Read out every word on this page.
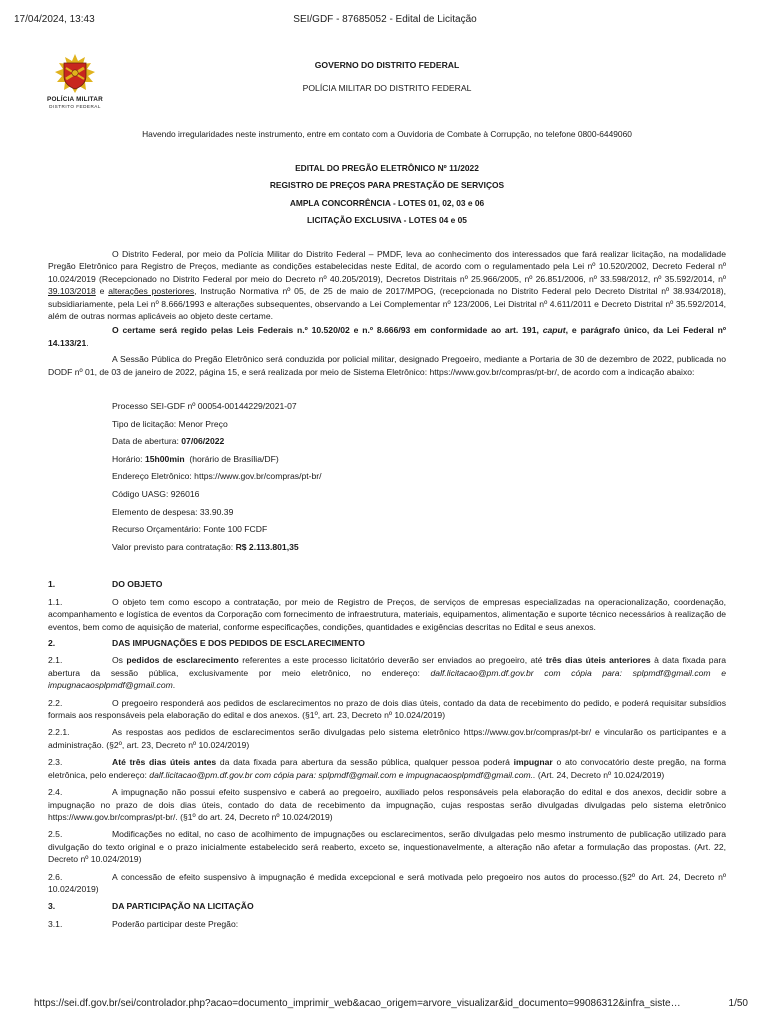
17/04/2024, 13:43	SEI/GDF - 87685052 - Edital de Licitação
POLÍCIA MILITAR
DISTRITO FEDERAL
GOVERNO DO DISTRITO FEDERAL
POLÍCIA MILITAR DO DISTRITO FEDERAL
Havendo irregularidades neste instrumento, entre em contato com a Ouvidoria de Combate à Corrupção, no telefone 0800-6449060
EDITAL DO PREGÃO ELETRÔNICO Nº 11/2022
REGISTRO DE PREÇOS PARA PRESTAÇÃO DE SERVIÇOS
AMPLA CONCORRÊNCIA - LOTES 01, 02, 03 e 06
LICITAÇÃO EXCLUSIVA - LOTES 04 e 05

O Distrito Federal, por meio da Polícia Militar do Distrito Federal – PMDF, leva ao conhecimento dos interessados que fará realizar licitação, na modalidade Pregão Eletrônico para Registro de Preços, mediante as condições estabelecidas neste Edital, de acordo com o regulamentado pela Lei nº 10.520/2002, Decreto Federal nº 10.024/2019 (Recepcionado no Distrito Federal por meio do Decreto nº 40.205/2019), Decretos Distritais nº 25.966/2005, nº 26.851/2006, nº 33.598/2012, nº 35.592/2014, nº 39.103/2018 e alterações posteriores, Instrução Normativa nº 05, de 25 de maio de 2017/MPOG, (recepcionada no Distrito Federal pelo Decreto Distrital nº 38.934/2018), subsidiariamente, pela Lei nº 8.666/1993 e alterações subsequentes, observando a Lei Complementar nº 123/2006, Lei Distrital nº 4.611/2011 e Decreto Distrital nº 35.592/2014, além de outras normas aplicáveis ao objeto deste certame.

O certame será regido pelas Leis Federais n.º 10.520/02 e n.º 8.666/93 em conformidade ao art. 191, caput, e parágrafo único, da Lei Federal nº 14.133/21.

A Sessão Pública do Pregão Eletrônico será conduzida por policial militar, designado Pregoeiro, mediante a Portaria de 30 de dezembro de 2022, publicada no DODF nº 01, de 03 de janeiro de 2022, página 15, e será realizada por meio de Sistema Eletrônico: https://www.gov.br/compras/pt-br/, de acordo com a indicação abaixo:

Processo SEI-GDF nº 00054-00144229/2021-07
Tipo de licitação: Menor Preço
Data de abertura: 07/06/2022
Horário: 15h00min  (horário de Brasília/DF)
Endereço Eletrônico: https://www.gov.br/compras/pt-br/
Código UASG: 926016
Elemento de despesa: 33.90.39
Recurso Orçamentário: Fonte 100 FCDF
Valor previsto para contratação: R$ 2.113.801,35
1.	DO OBJETO

1.1.	O objeto tem como escopo a contratação, por meio de Registro de Preços, de serviços de empresas especializadas na operacionalização, coordenação, acompanhamento e logística de eventos da Corporação com fornecimento de infraestrutura, materiais, equipamentos, alimentação e suporte técnico necessários à realização de eventos, bem como de aquisição de material, conforme especificações, condições, quantidades e exigências descritas no Edital e seus anexos.

2.	DAS IMPUGNAÇÕES E DOS PEDIDOS DE ESCLARECIMENTO

2.1.	Os pedidos de esclarecimento referentes a este processo licitatório deverão ser enviados ao pregoeiro, até três dias úteis anteriores à data fixada para abertura da sessão pública, exclusivamente por meio eletrônico, no endereço: dalf.licitacao@pm.df.gov.br com cópia para: splpmdf@gmail.com e impugnacaosplpmdf@gmail.com.

2.2.	O pregoeiro responderá aos pedidos de esclarecimentos no prazo de dois dias úteis, contado da data de recebimento do pedido, e poderá requisitar subsídios formais aos responsáveis pela elaboração do edital e dos anexos. (§1º, art. 23, Decreto nº 10.024/2019)

2.2.1.	As respostas aos pedidos de esclarecimentos serão divulgadas pelo sistema eletrônico https://www.gov.br/compras/pt-br/ e vincularão os participantes e a administração. (§2º, art. 23, Decreto nº 10.024/2019)

2.3.	Até três dias úteis antes da data fixada para abertura da sessão pública, qualquer pessoa poderá impugnar o ato convocatório deste pregão, na forma eletrônica, pelo endereço: dalf.licitacao@pm.df.gov.br com cópia para: splpmdf@gmail.com e impugnacaosplpmdf@gmail.com.. (Art. 24, Decreto nº 10.024/2019)

2.4.	A impugnação não possui efeito suspensivo e caberá ao pregoeiro, auxiliado pelos responsáveis pela elaboração do edital e dos anexos, decidir sobre a impugnação no prazo de dois dias úteis, contado do data de recebimento da impugnação, cujas respostas serão divulgadas divulgadas pelo sistema eletrônico https://www.gov.br/compras/pt-br/. (§1º do art. 24, Decreto nº 10.024/2019)

2.5.	Modificações no edital, no caso de acolhimento de impugnações ou esclarecimentos, serão divulgadas pelo mesmo instrumento de publicação utilizado para divulgação do texto original e o prazo inicialmente estabelecido será reaberto, exceto se, inquestionavelmente, a alteração não afetar a formulação das propostas. (Art. 22, Decreto nº 10.024/2019)

2.6.	A concessão de efeito suspensivo à impugnação é medida excepcional e será motivada pelo pregoeiro nos autos do processo.(§2º do Art. 24, Decreto nº 10.024/2019)

3.	DA PARTICIPAÇÃO NA LICITAÇÃO
3.1.	Poderão participar deste Pregão:
https://sei.df.gov.br/sei/controlador.php?acao=documento_imprimir_web&acao_origem=arvore_visualizar&id_documento=99086312&infra_siste…	1/50
